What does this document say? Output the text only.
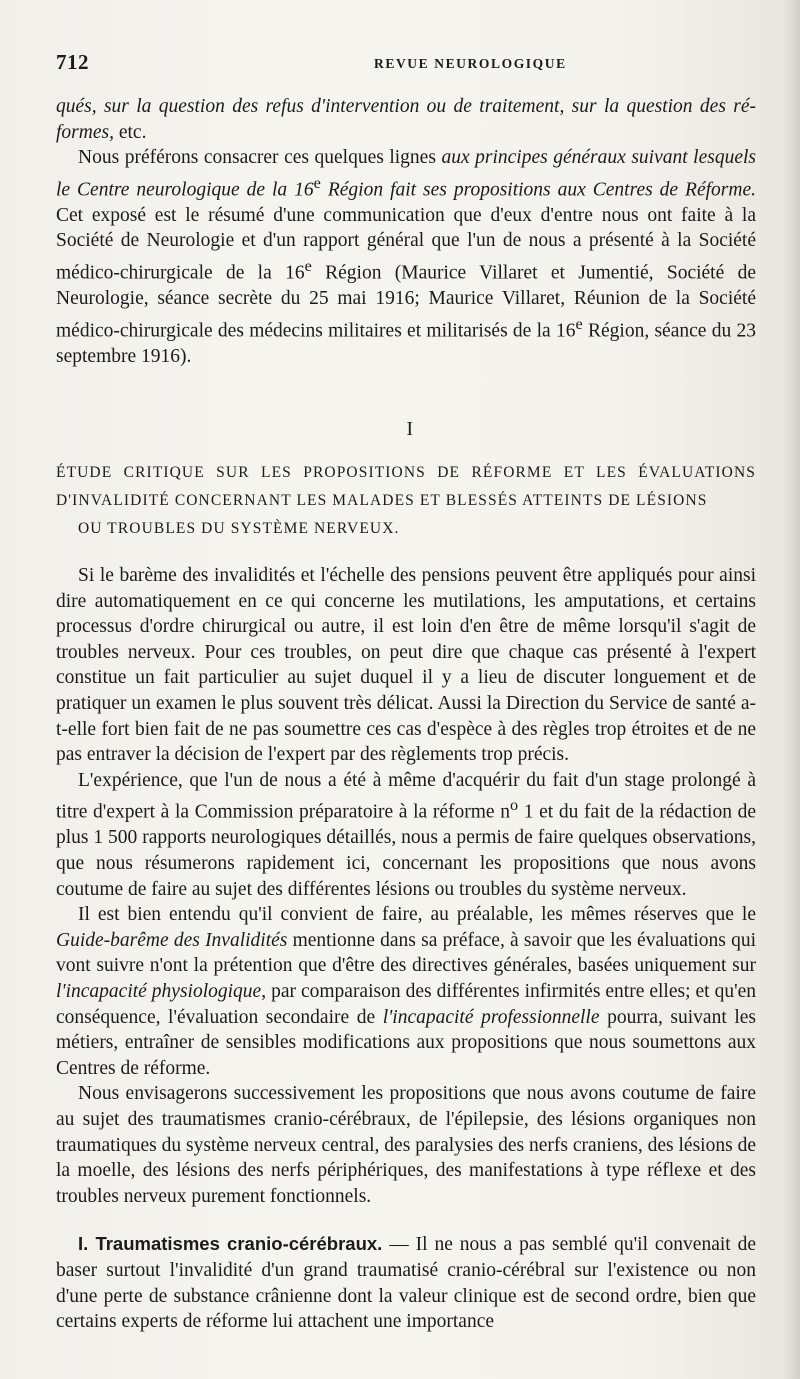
712	REVUE NEUROLOGIQUE

qués, sur la question des refus d'intervention ou de traitement, sur la question des ré-formes, etc.

Nous préférons consacrer ces quelques lignes aux principes généraux suivant lesquels le Centre neurologique de la 16e Région fait ses propositions aux Centres de Réforme. Cet exposé est le résumé d'une communication que d'eux d'entre nous ont faite à la Société de Neurologie et d'un rapport général que l'un de nous a présenté à la Société médico-chirurgicale de la 16e Région (Maurice Villaret et Jumentié, Société de Neurologie, séance secrète du 25 mai 1916; Maurice Villaret, Réunion de la Société médico-chirurgicale des médecins militaires et militarisés de la 16e Région, séance du 23 septembre 1916).

I
ÉTUDE CRITIQUE SUR LES PROPOSITIONS DE RÉFORME ET LES ÉVALUATIONS D'INVALIDITÉ CONCERNANT LES MALADES ET BLESSÉS ATTEINTS DE LÉSIONS
OU TROUBLES DU SYSTÈME NERVEUX.

Si le barème des invalidités et l'échelle des pensions peuvent être appliqués pour ainsi dire automatiquement en ce qui concerne les mutilations, les amputations, et certains processus d'ordre chirurgical ou autre, il est loin d'en être de même lorsqu'il s'agit de troubles nerveux. Pour ces troubles, on peut dire que chaque cas présenté à l'expert constitue un fait particulier au sujet duquel il y a lieu de discuter longuement et de pratiquer un examen le plus souvent très délicat. Aussi la Direction du Service de santé a-t-elle fort bien fait de ne pas soumettre ces cas d'espèce à des règles trop étroites et de ne pas entraver la décision de l'expert par des règlements trop précis.

L'expérience, que l'un de nous a été à même d'acquérir du fait d'un stage prolongé à titre d'expert à la Commission préparatoire à la réforme $n^o$ 1 et du fait de la rédaction de plus 1 500 rapports neurologiques détaillés, nous a permis de faire quelques observations, que nous résumerons rapidement ici, concernant les propositions que nous avons coutume de faire au sujet des différentes lésions ou troubles du système nerveux.

Il est bien entendu qu'il convient de faire, au préalable, les mêmes réserves que le Guide-barême des Invalidités mentionne dans sa préface, à savoir que les évaluations qui vont suivre n'ont la prétention que d'être des directives générales, basées uniquement sur l'incapacité physiologique, par comparaison des différentes infirmités entre elles; et qu'en conséquence, l'évaluation secondaire de l'incapacité professionnelle pourra, suivant les métiers, entraîner de sensibles modifications aux propositions que nous soumettons aux Centres de réforme.

Nous envisagerons successivement les propositions que nous avons coutume de faire au sujet des traumatismes cranio-cérébraux, de l'épilepsie, des lésions organiques non traumatiques du système nerveux central, des paralysies des nerfs craniens, des lésions de la moelle, des lésions des nerfs périphériques, des manifestations à type réflexe et des troubles nerveux purement fonctionnels.

I. Traumatismes cranio-cérébraux. — Il ne nous a pas semblé qu'il convenait de baser surtout l'invalidité d'un grand traumatisé cranio-cérébral sur l'existence ou non d'une perte de substance crânienne dont la valeur clinique est de second ordre, bien que certains experts de réforme lui attachent une importance
